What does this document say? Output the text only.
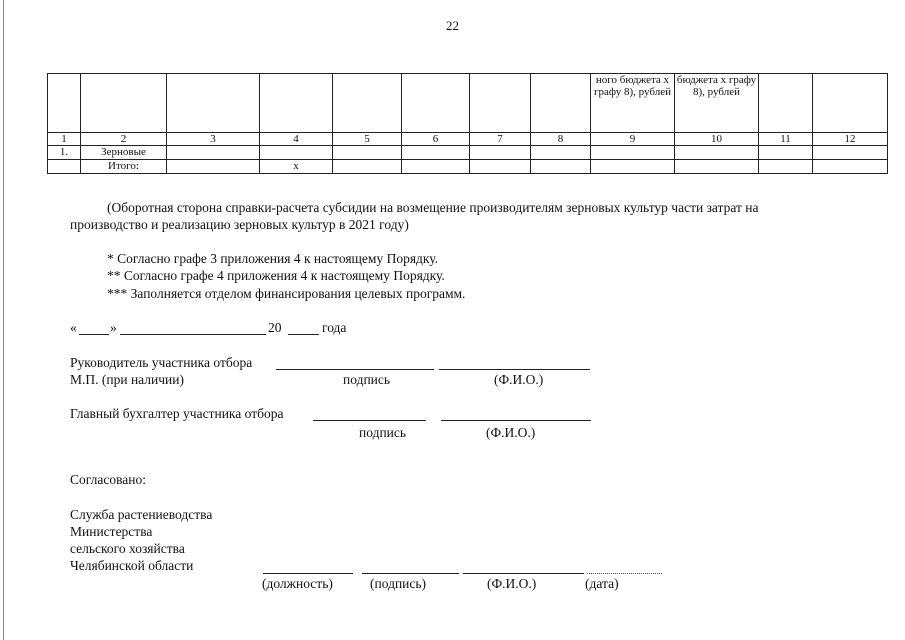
22
								ного бюджета х графу 8), рублей	бюджета х графу 8), рублей		
1	2	3	4	5	6	7	8	9	10	11	12
1.	Зерновые										
	Итого:		x								
(Оборотная сторона справки-расчета субсидии на возмещение производителям зерновых культур части затрат на
производство и реализацию зерновых культур в 2021 году)
* Согласно графе 3 приложения 4 к настоящему Порядку.
** Согласно графе 4 приложения 4 к настоящему Порядку.
*** Заполняется отделом финансирования целевых программ.
« »	20	года
Руководитель участника отбора
М.П. (при наличии)	подпись	(Ф.И.О.)
Главный бухгалтер участника отбора
подпись	(Ф.И.О.)
Согласовано:
Служба растениеводства
Министерства
сельского хозяйства
Челябинской области
(должность)	(подпись)	(Ф.И.О.)	(дата)
